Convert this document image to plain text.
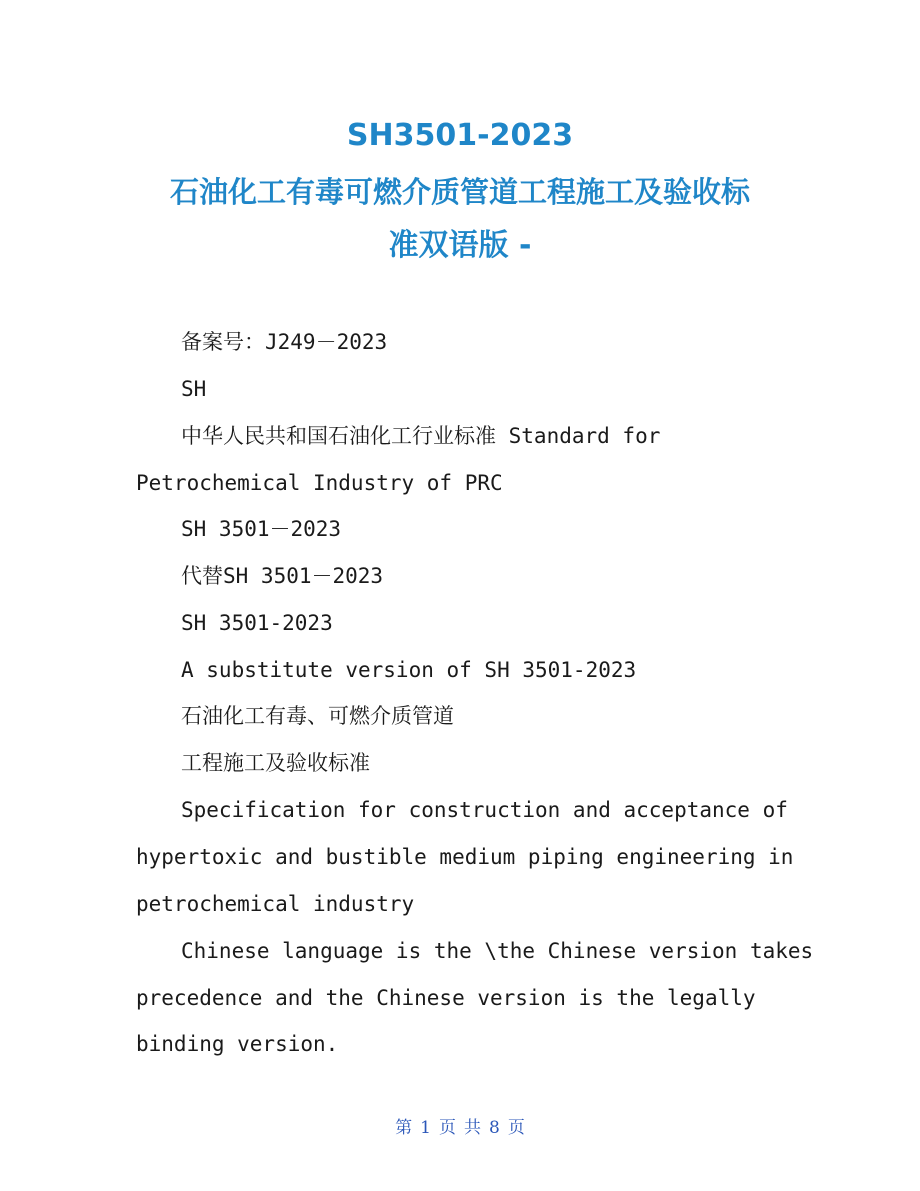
SH3501-2023
石油化工有毒可燃介质管道工程施工及验收标
准双语版 -
备案号：J249－2023
SH
中华人民共和国石油化工行业标准 Standard for
Petrochemical Industry of PRC
SH 3501－2023
代替SH 3501－2023
SH 3501-2023
A substitute version of SH 3501-2023
石油化工有毒、可燃介质管道
工程施工及验收标准
Specification for construction and acceptance of
hypertoxic and bustible medium piping engineering in
petrochemical industry
Chinese language is the \the Chinese version takes
precedence and the Chinese version is the legally
binding version.
第 1 页 共 8 页
